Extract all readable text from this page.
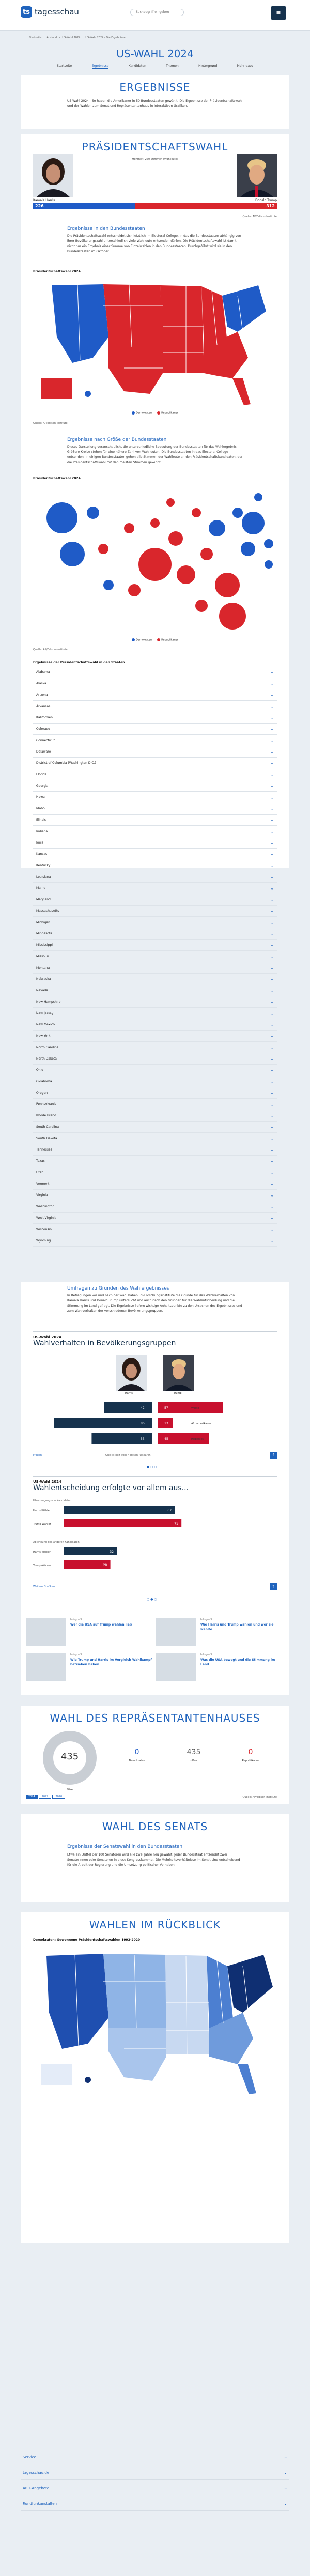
ts tagesschau	Suchbegriff eingeben	≡
Startseite › Ausland › US-Wahl 2024 › US-Wahl 2024 - Die Ergebnisse
US-WAHL 2024
Startseite	Ergebnisse	Kandidaten	Themen	Hintergrund	Mehr dazu
ERGEBNISSE
US-Wahl 2024 - So haben die Amerikaner in 50 Bundesstaaten gewählt. Die Ergebnisse der Präsidentschaftswahl und der Wahlen zum Senat und Repräsentantenhaus in interaktiven Grafiken.
PRÄSIDENTSCHAFTSWAHL
Mehrheit: 270 Stimmen (Wahlleute)
Kamala Harris	Donald Trump
226	312
Quelle: AP/Edison-Institute
Ergebnisse in den Bundesstaaten
Die Präsidentschaftswahl entscheidet sich letztlich im Electoral College, in das die Bundesstaaten abhängig von ihrer Bevölkerungszahl unterschiedlich viele Wahlleute entsenden dürfen. Die Präsidentschaftswahl ist damit nicht nur ein Ergebnis einer Summe von Einzelwahlen in den Bundesstaaten. Durchgeführt wird sie in den Bundesstaaten im Oktober.
Präsidentschaftswahl 2024
Demokraten	Republikaner
Quelle: AP/Edison-Institute
Ergebnisse nach Größe der Bundesstaaten
Dieses Darstellung veranschaulicht die unterschiedliche Bedeutung der Bundesstaaten für das Wahlergebnis. Größere Kreise stehen für eine höhere Zahl von Wahlleuten. Die Bundesstaaten in das Electoral College entsenden. In einigen Bundesstaaten gehen alle Stimmen der Wahlleute an den Präsidentschaftskandidaten, der die Präsidentschaftswahl mit den meisten Stimmen gewinnt.
Präsidentschaftswahl 2024
Demokraten	Republikaner
Quelle: AP/Edison-Institute
Ergebnisse der Präsidentschaftswahl in den Staaten
Alabama	⌄
Alaska	⌄
Arizona	⌄
Arkansas	⌄
Kalifornien	⌄
Colorado	⌄
Connecticut	⌄
Delaware	⌄
District of Columbia (Washington D.C.)	⌄
Florida	⌄
Georgia	⌄
Hawaii	⌄
Idaho	⌄
Illinois	⌄
Indiana	⌄
Iowa	⌄
Kansas	⌄
Kentucky	⌄
Louisiana	⌄
Maine	⌄
Maryland	⌄
Massachusetts	⌄
Michigan	⌄
Minnesota	⌄
Mississippi	⌄
Missouri	⌄
Montana	⌄
Nebraska	⌄
Nevada	⌄
New Hampshire	⌄
New Jersey	⌄
New Mexico	⌄
New York	⌄
North Carolina	⌄
North Dakota	⌄
Ohio	⌄
Oklahoma	⌄
Oregon	⌄
Pennsylvania	⌄
Rhode Island	⌄
South Carolina	⌄
South Dakota	⌄
Tennessee	⌄
Texas	⌄
Utah	⌄
Vermont	⌄
Virginia	⌄
Washington	⌄
West Virginia	⌄
Wisconsin	⌄
Wyoming	⌄
Umfragen zu Gründen des Wahlergebnisses
In Befragungen vor und nach der Wahl haben US-Forschungsinstitute die Gründe für das Wahlverhalten von Kamala Harris und Donald Trump untersucht und auch nach den Gründen für die Wahlentscheidung und die Stimmung im Land gefragt. Die Ergebnisse liefern wichtige Anhaltspunkte zu den Ursachen des Ergebnisses und zum Wahlverhalten der verschiedenen Bevölkerungsgruppen.
US-Wahl 2024
Wahlverhalten in Bevölkerungsgruppen
Harris	Trump
42	57	Weiße
86	13	Afroamerikaner
53	45	Hispanics
Frauen	Quelle: Exit Polls / Edison Research	f
● ○ ○
US-Wahl 2024
Wahlentscheidung erfolgte vor allem aus...
Überzeugung von Kandidaten
Ablehnung des anderen Kandidaten
Harris-Wähler	67
Trump-Wähler	71
Harris-Wähler	32
Trump-Wähler	28
Weitere Grafiken	f
○ ● ○
Infografik
Wer die USA auf Trump wählen ließ
Infografik
Wie Harris und Trump wählen und wer sie wählte
Infografik
Wie Trump und Harris im Vergleich Wahlkampf betrieben haben
Infografik
Was die USA bewegt und die Stimmung im Land
WAHL DES REPRÄSENTANTENHAUSES
435
Sitze
0
Demokraten
435
offen
0
Republikaner
Quelle: AP/Edison-Institute
2024	2022	2020
WAHL DES SENATS
Ergebnisse der Senatswahl in den Bundesstaaten
Etwa ein Drittel der 100 Senatoren wird alle zwei Jahre neu gewählt. Jeder Bundesstaat entsendet zwei Senatorinnen oder Senatoren in diese Kongresskammer. Die Mehrheitsverhältnisse im Senat sind entscheidend für die Arbeit der Regierung und die Umsetzung politischer Vorhaben.
WAHLEN IM RÜCKBLICK
Demokraten: Gewonnene Präsidentschaftswahlen 1992-2020
Service	⌄
tagesschau.de	⌄
ARD-Angebote	⌄
Rundfunkanstalten	⌄
